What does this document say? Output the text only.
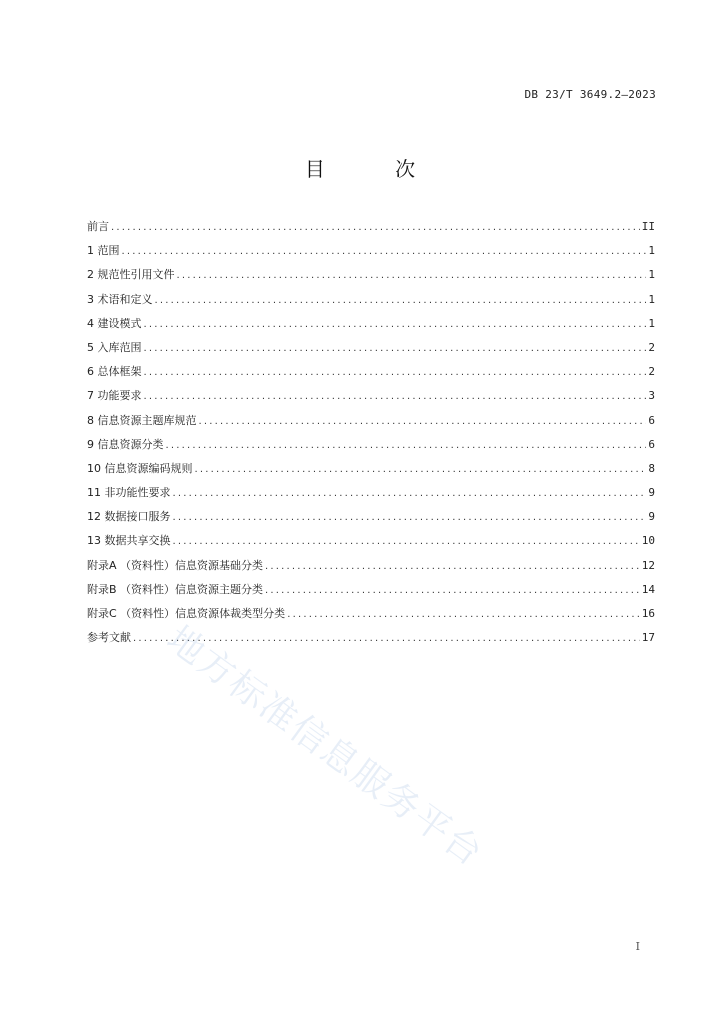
DB 23/T 3649.2—2023
目 次
前言 .....	II
1 范围 .....	1
2 规范性引用文件 .....	1
3 术语和定义 .....	1
4 建设模式 .....	1
5 入库范围 .....	2
6 总体框架 .....	2
7 功能要求 .....	3
8 信息资源主题库规范 .....	6
9 信息资源分类 .....	6
10 信息资源编码规则 .....	8
11 非功能性要求 .....	9
12 数据接口服务 .....	9
13 数据共享交换 .....	10
附录A （资料性）信息资源基础分类 .....	12
附录B （资料性）信息资源主题分类 .....	14
附录C （资料性）信息资源体裁类型分类 .....	16
参考文献 .....	17
地方标准信息服务平台
I
